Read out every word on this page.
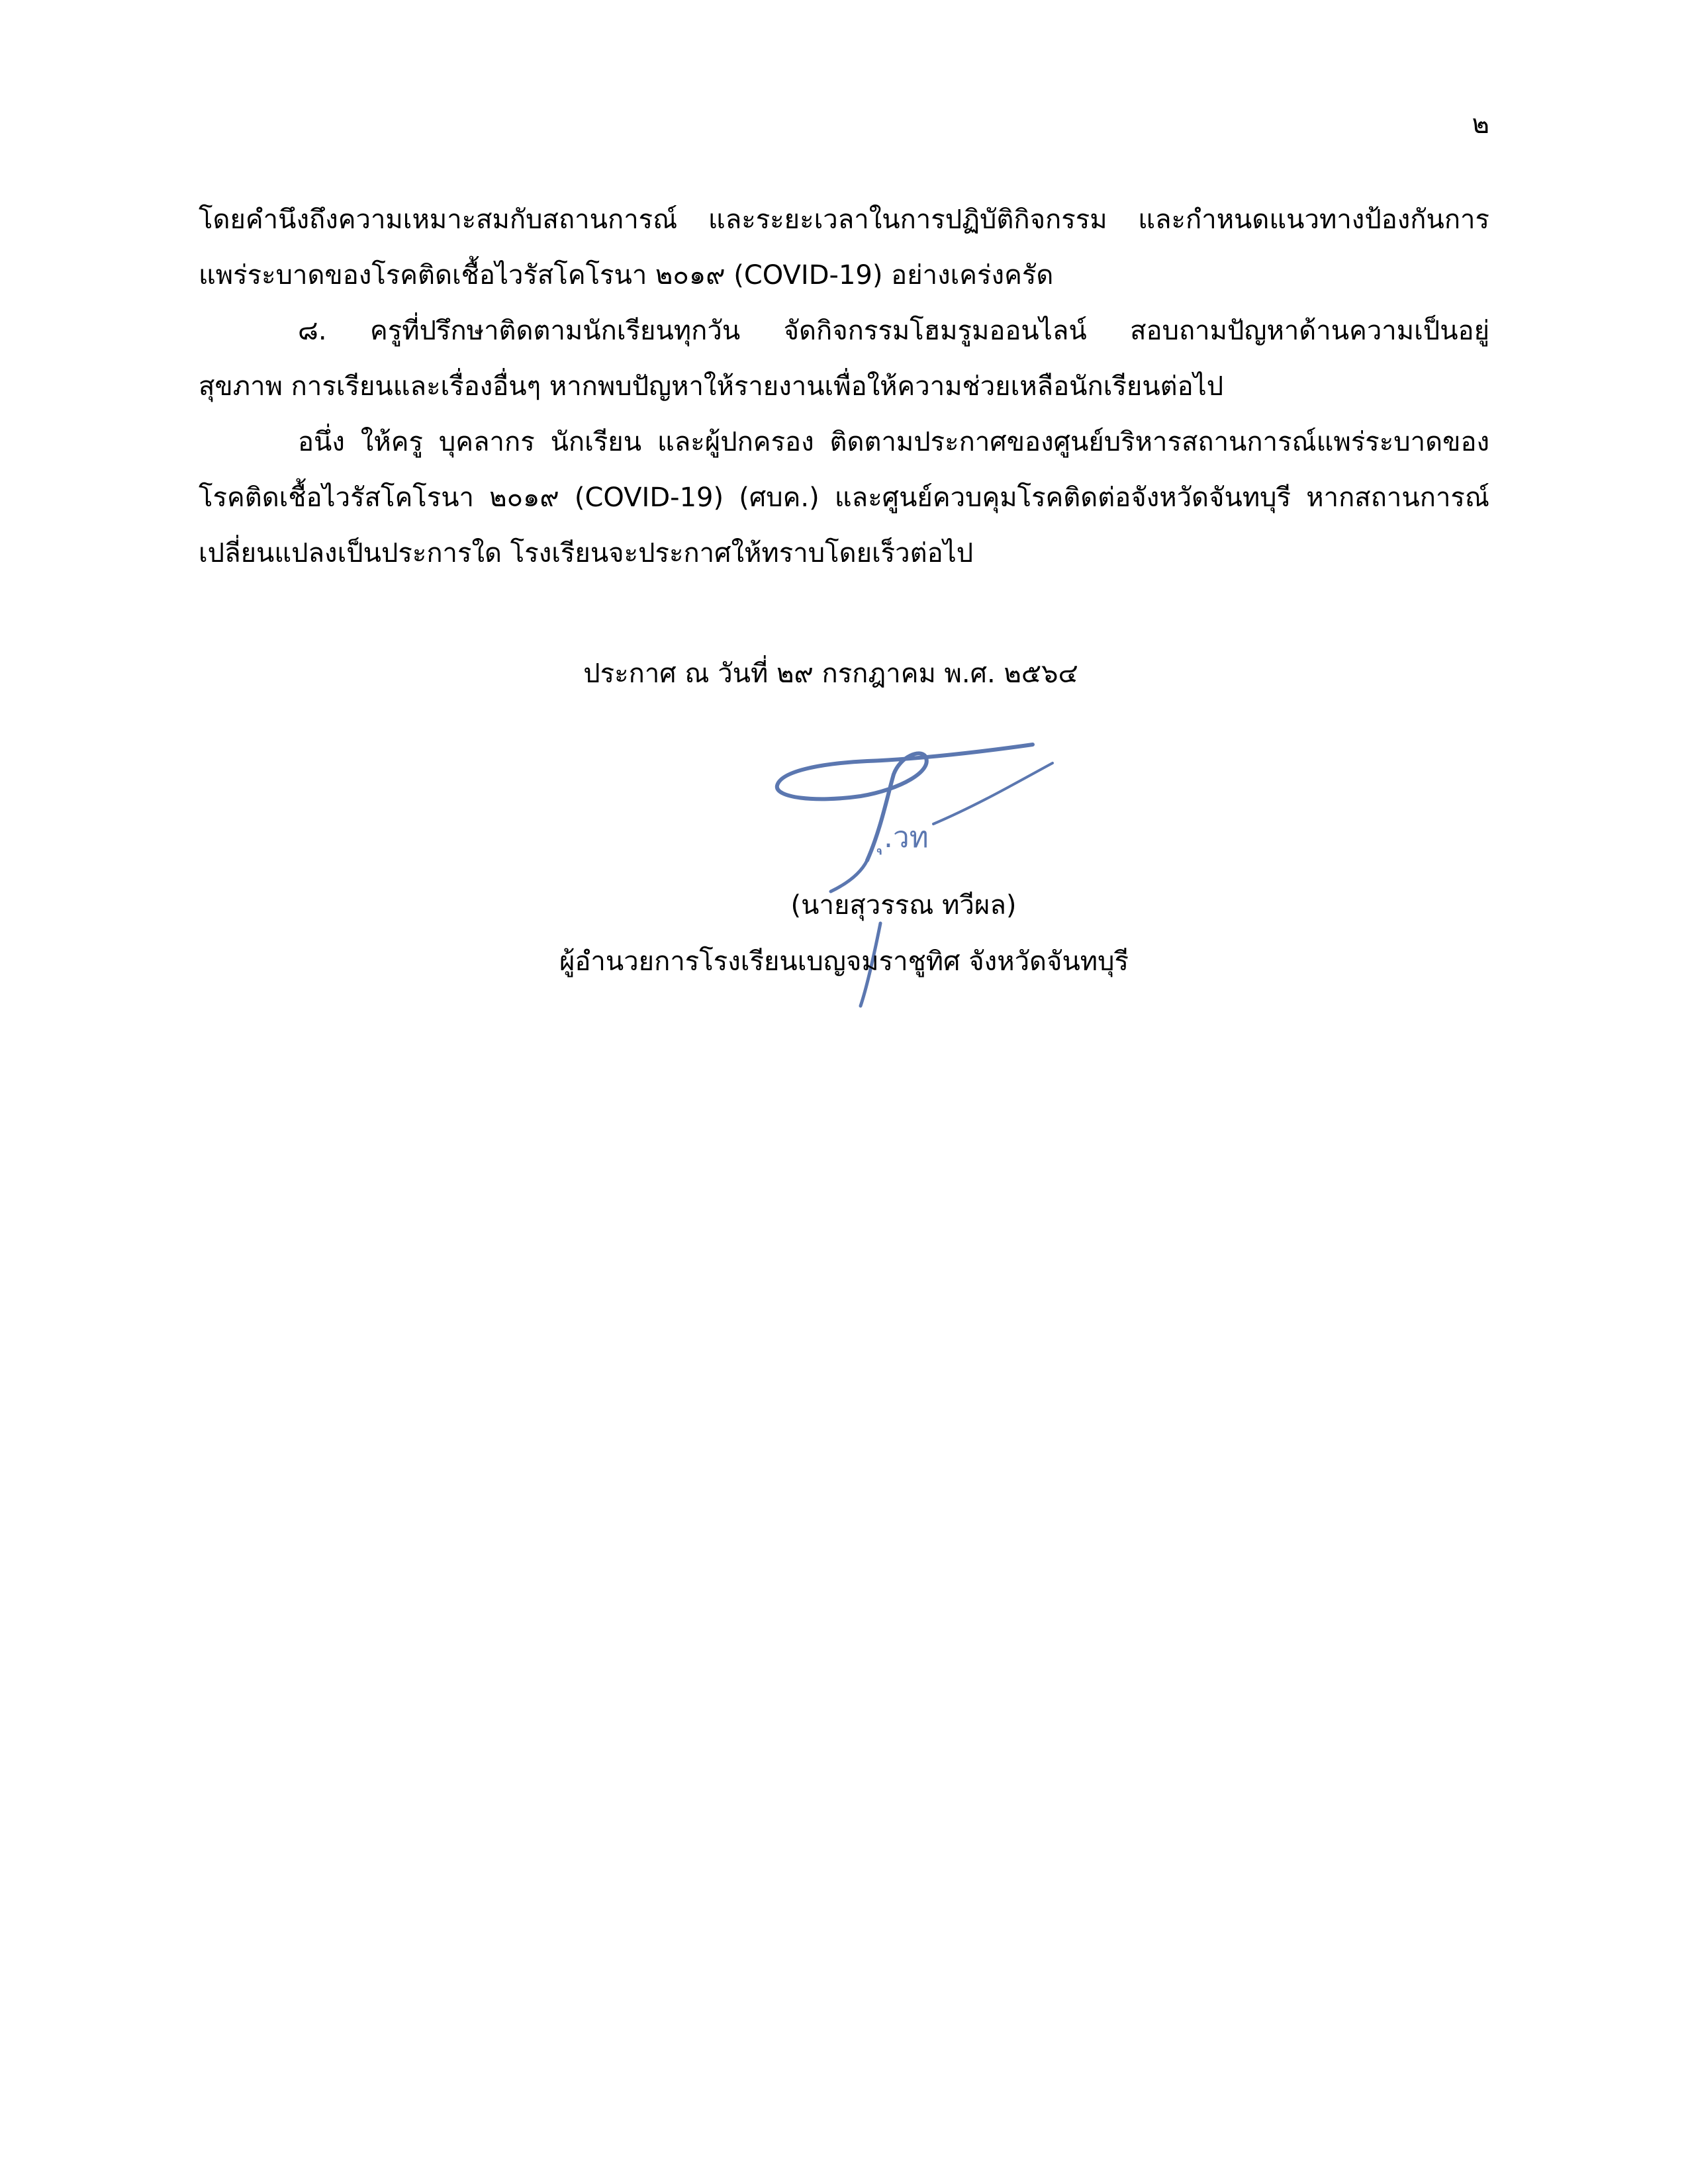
๒
โดยคำนึงถึงความเหมาะสมกับสถานการณ์ และระยะเวลาในการปฏิบัติกิจกรรม และกำหนดแนวทางป้องกันการ
แพร่ระบาดของโรคติดเชื้อไวรัสโคโรนา ๒๐๑๙ (COVID-19) อย่างเคร่งครัด
๘. ครูที่ปรึกษาติดตามนักเรียนทุกวัน จัดกิจกรรมโฮมรูมออนไลน์ สอบถามปัญหาด้านความเป็นอยู่
สุขภาพ การเรียนและเรื่องอื่นๆ หากพบปัญหาให้รายงานเพื่อให้ความช่วยเหลือนักเรียนต่อไป
อนึ่ง ให้ครู บุคลากร นักเรียน และผู้ปกครอง ติดตามประกาศของศูนย์บริหารสถานการณ์แพร่ระบาดของ
โรคติดเชื้อไวรัสโคโรนา ๒๐๑๙ (COVID-19) (ศบค.) และศูนย์ควบคุมโรคติดต่อจังหวัดจันทบุรี หากสถานการณ์
เปลี่ยนแปลงเป็นประการใด โรงเรียนจะประกาศให้ทราบโดยเร็วต่อไป
ประกาศ ณ วันที่ ๒๙ กรกฎาคม พ.ศ. ๒๕๖๔
ุ.วท
(นายสุวรรณ ทวีผล)
ผู้อำนวยการโรงเรียนเบญจมราชูทิศ จังหวัดจันทบุรี
